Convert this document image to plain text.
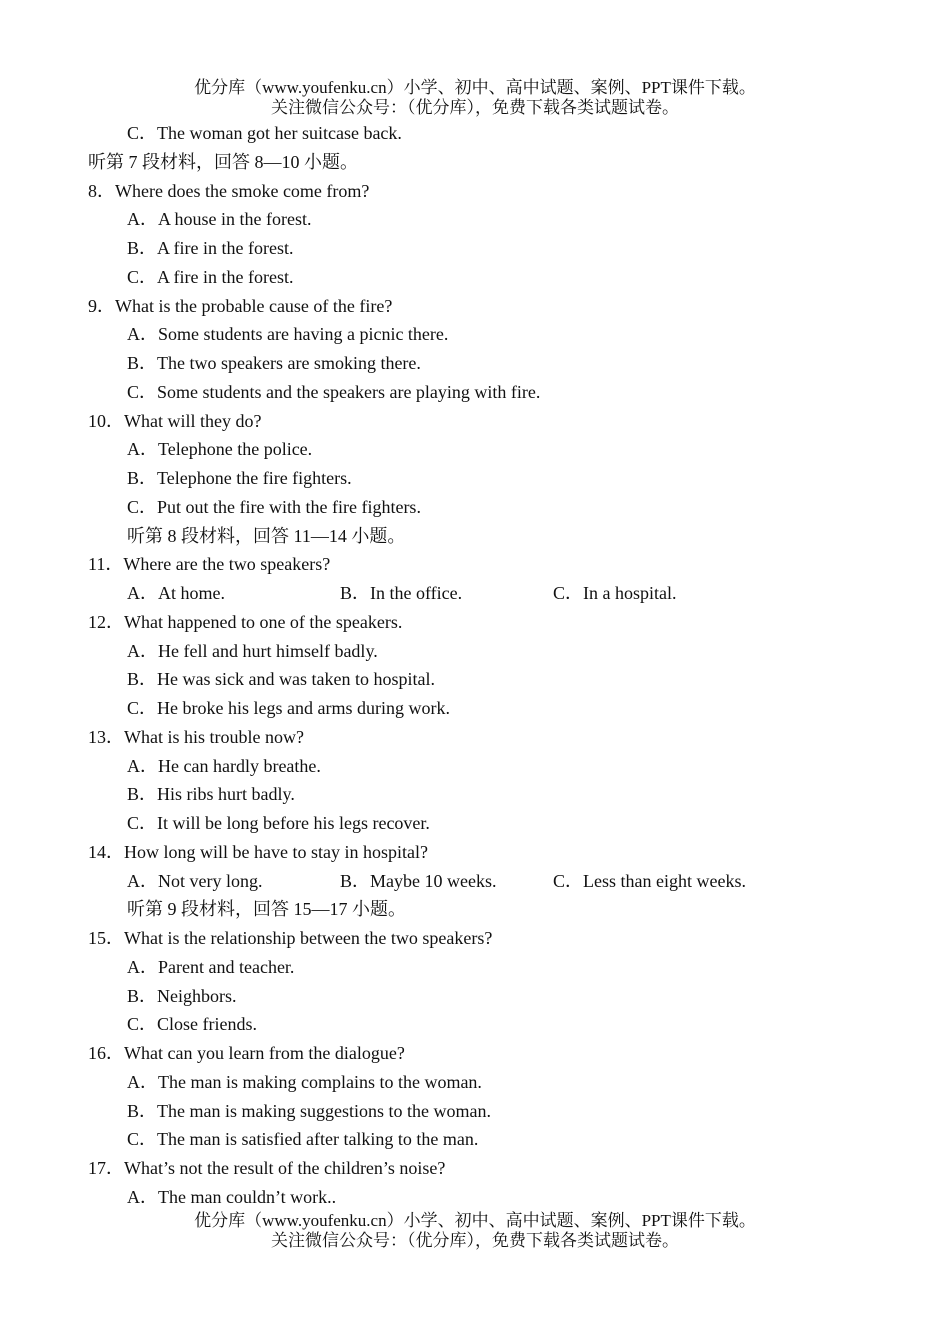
优分库（www.youfenku.cn）小学、初中、高中试题、案例、PPT课件下载。
关注微信公众号：（优分库），免费下载各类试题试卷。
C．The woman got her suitcase back.
听第 7 段材料，回答 8—10 小题。
8．Where does the smoke come from?
A．A house in the forest.
B．A fire in the forest.
C．A fire in the forest.
9．What is the probable cause of the fire?
A．Some students are having a picnic there.
B．The two speakers are smoking there.
C．Some students and the speakers are playing with fire.
10．What will they do?
A．Telephone the police.
B．Telephone the fire fighters.
C．Put out the fire with the fire fighters.
听第 8 段材料，回答 11—14 小题。
11．Where are the two speakers?
A．At home.	B．In the office.	C．In a hospital.
12．What happened to one of the speakers.
A．He fell and hurt himself badly.
B．He was sick and was taken to hospital.
C．He broke his legs and arms during work.
13．What is his trouble now?
A．He can hardly breathe.
B．His ribs hurt badly.
C．It will be long before his legs recover.
14．How long will be have to stay in hospital?
A．Not very long.	B．Maybe 10 weeks.	C．Less than eight weeks.
听第 9 段材料，回答 15—17 小题。
15．What is the relationship between the two speakers?
A．Parent and teacher.
B．Neighbors.
C．Close friends.
16．What can you learn from the dialogue?
A．The man is making complains to the woman.
B．The man is making suggestions to the woman.
C．The man is satisfied after talking to the man.
17．What’s not the result of the children’s noise?
A．The man couldn’t work..
优分库（www.youfenku.cn）小学、初中、高中试题、案例、PPT课件下载。
关注微信公众号：（优分库），免费下载各类试题试卷。
